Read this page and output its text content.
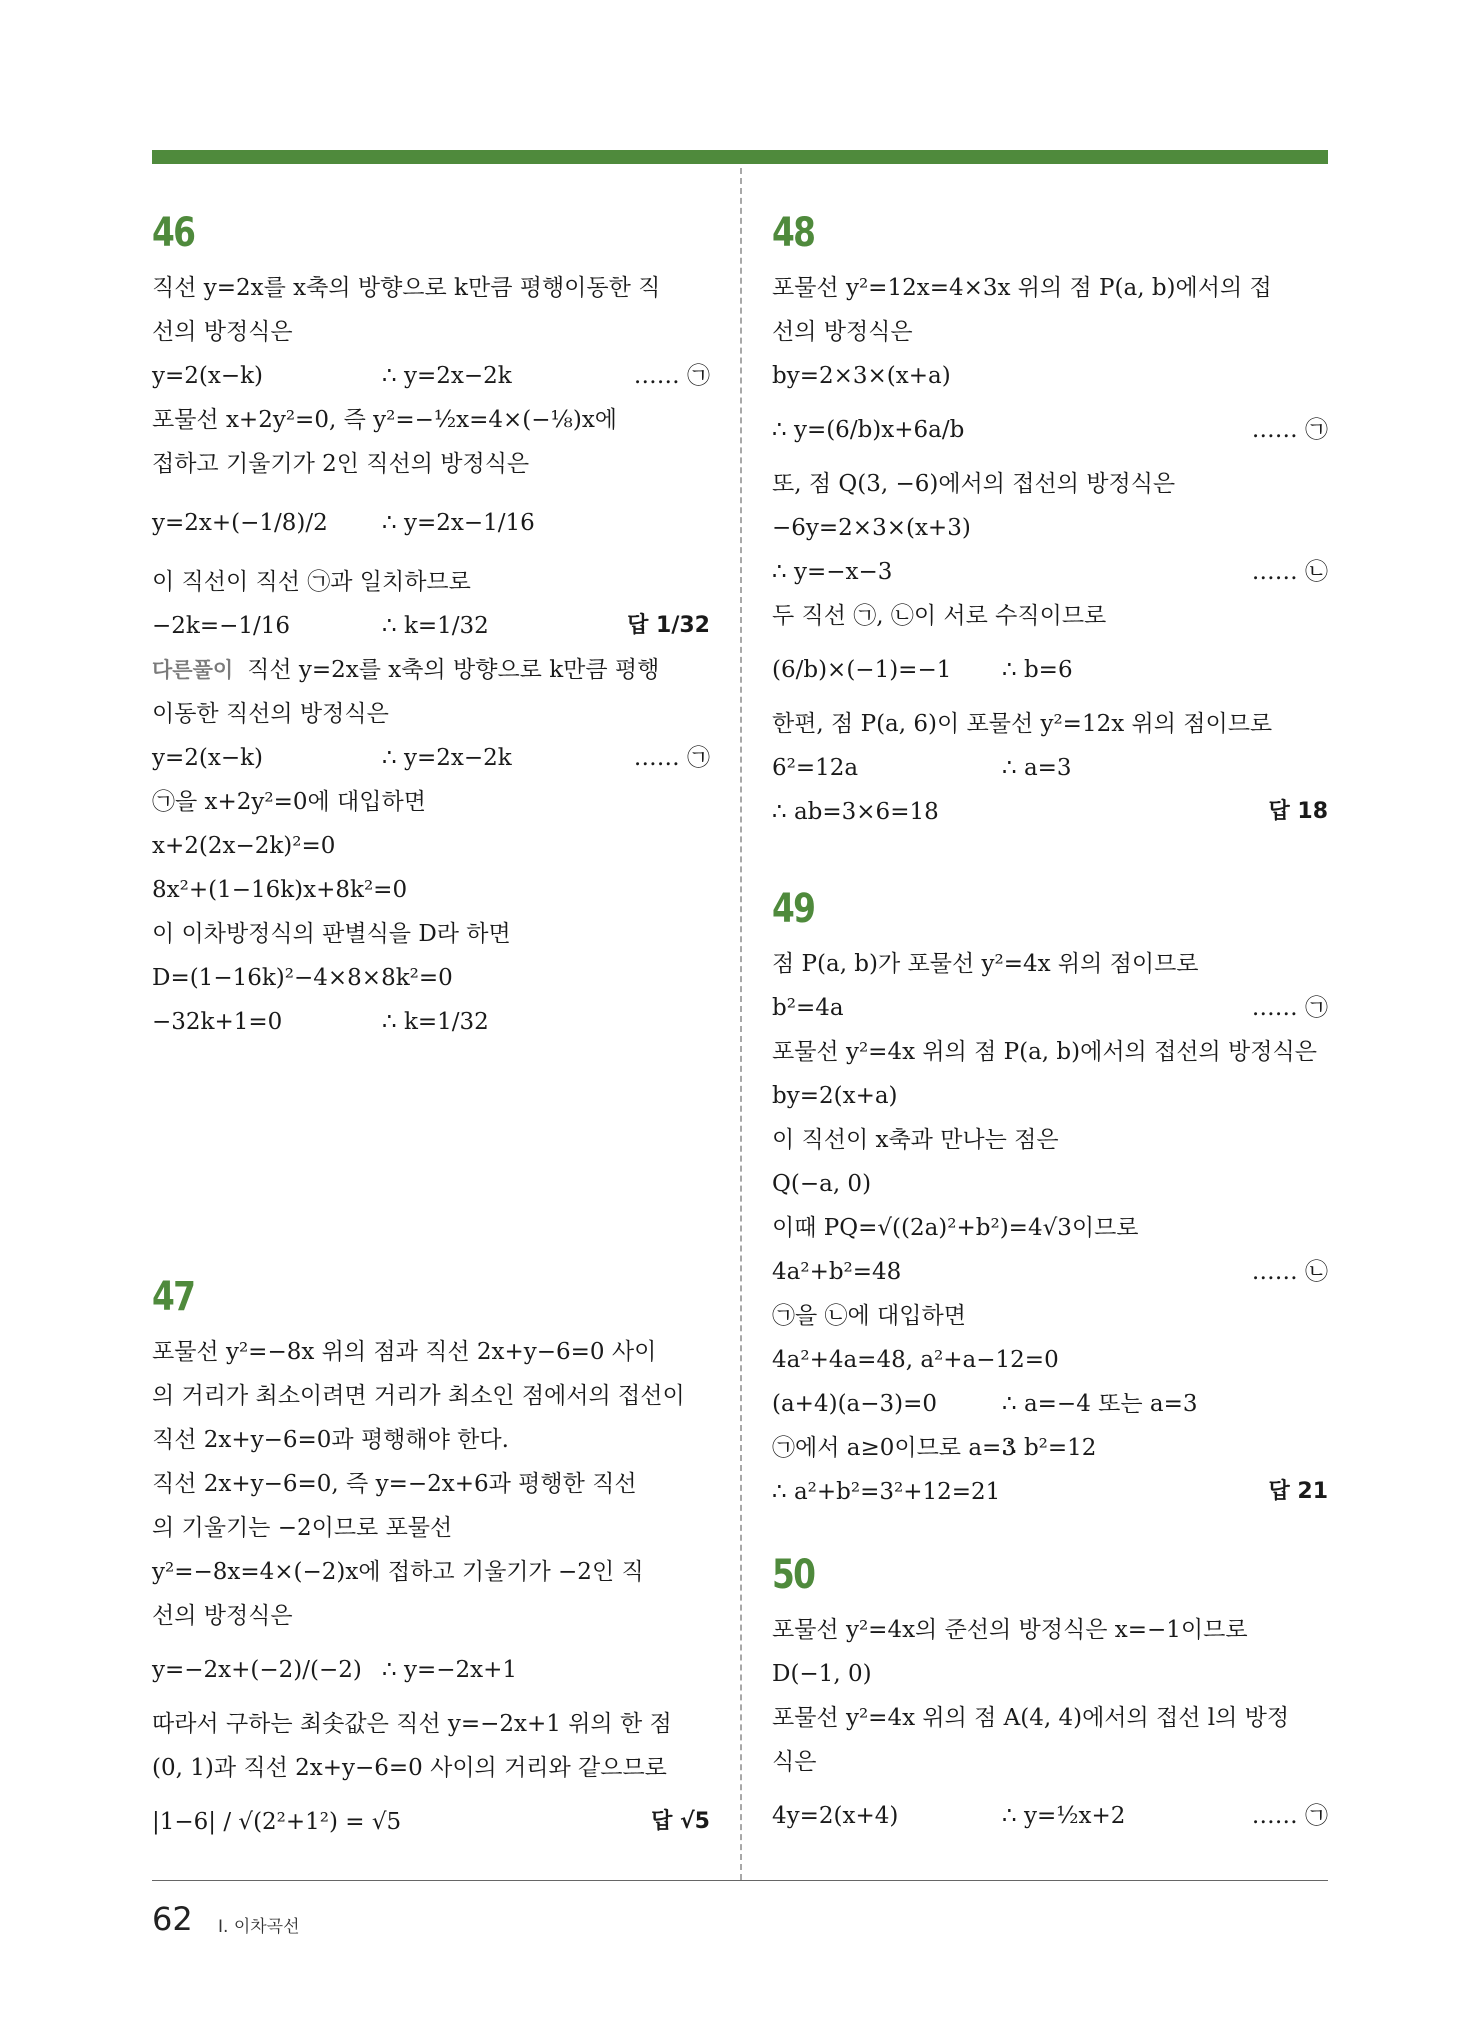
46
직선 y=2x를 x축의 방향으로 k만큼 평행이동한 직
선의 방정식은
y=2(x−k)	∴ y=2x−2k	…… ㉠
포물선 x+2y²=0, 즉 y²=−½x=4×(−⅛)x에
접하고 기울기가 2인 직선의 방정식은
y=2x+(−1/8)/2 ∴ y=2x−1/16
이 직선이 직선 ㉠과 일치하므로
−2k=−1/16	∴ k=1/32	답 1/32
다른풀이 직선 y=2x를 x축의 방향으로 k만큼 평행
이동한 직선의 방정식은
y=2(x−k)	∴ y=2x−2k	…… ㉠
㉠을 x+2y²=0에 대입하면
x+2(2x−2k)²=0
8x²+(1−16k)x+8k²=0
이 이차방정식의 판별식을 D라 하면
D=(1−16k)²−4×8×8k²=0
−32k+1=0	∴ k=1/32
47
포물선 y²=−8x 위의 점과 직선 2x+y−6=0 사이
의 거리가 최소이려면 거리가 최소인 점에서의 접선이
직선 2x+y−6=0과 평행해야 한다.
직선 2x+y−6=0, 즉 y=−2x+6과 평행한 직선
의 기울기는 −2이므로 포물선
y²=−8x=4×(−2)x에 접하고 기울기가 −2인 직
선의 방정식은
y=−2x+(−2)/(−2) ∴ y=−2x+1
따라서 구하는 최솟값은 직선 y=−2x+1 위의 한 점
(0, 1)과 직선 2x+y−6=0 사이의 거리와 같으므로
|1−6| / √(2²+1²) = √5	답 √5
48
포물선 y²=12x=4×3x 위의 점 P(a, b)에서의 접
선의 방정식은
by=2×3×(x+a)
∴ y=(6/b)x+6a/b	…… ㉠
또, 점 Q(3, −6)에서의 접선의 방정식은
−6y=2×3×(x+3)
∴ y=−x−3	…… ㉡
두 직선 ㉠, ㉡이 서로 수직이므로
(6/b)×(−1)=−1 ∴ b=6
한편, 점 P(a, 6)이 포물선 y²=12x 위의 점이므로
6²=12a	∴ a=3
∴ ab=3×6=18	답 18
49
점 P(a, b)가 포물선 y²=4x 위의 점이므로
b²=4a	…… ㉠
포물선 y²=4x 위의 점 P(a, b)에서의 접선의 방정식은
by=2(x+a)
이 직선이 x축과 만나는 점은
Q(−a, 0)
이때 PQ=√((2a)²+b²)=4√3이므로
4a²+b²=48	…… ㉡
㉠을 ㉡에 대입하면
4a²+4a=48, a²+a−12=0
(a+4)(a−3)=0	∴ a=−4 또는 a=3
㉠에서 a≥0이므로 a=3
∴ b²=12
∴ a²+b²=3²+12=21	답 21
50
포물선 y²=4x의 준선의 방정식은 x=−1이므로
D(−1, 0)
포물선 y²=4x 위의 점 A(4, 4)에서의 접선 l의 방정
식은
4y=2(x+4)	∴ y=½x+2	…… ㉠
62 Ⅰ. 이차곡선
